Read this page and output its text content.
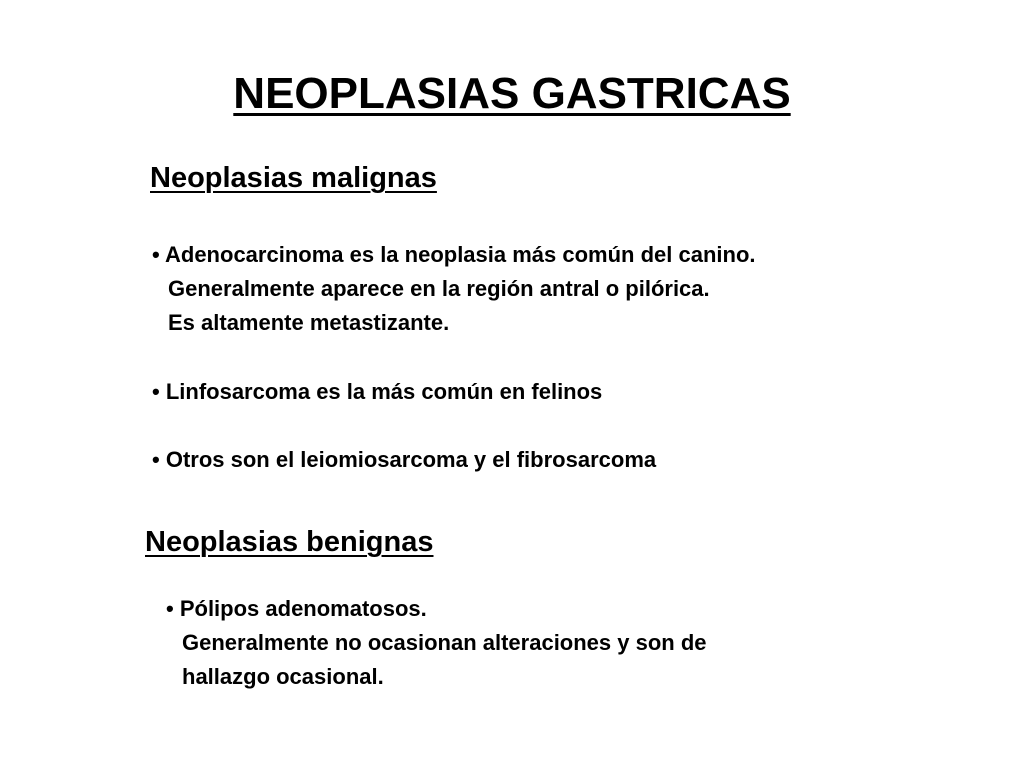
NEOPLASIAS GASTRICAS
Neoplasias malignas
• Adenocarcinoma es la neoplasia más común del canino.
Generalmente aparece en la región antral o pilórica.
Es altamente metastizante.
• Linfosarcoma es la más común en felinos
• Otros son el leiomiosarcoma y el fibrosarcoma
Neoplasias benignas
• Pólipos adenomatosos.
Generalmente no ocasionan alteraciones y son de
hallazgo ocasional.
